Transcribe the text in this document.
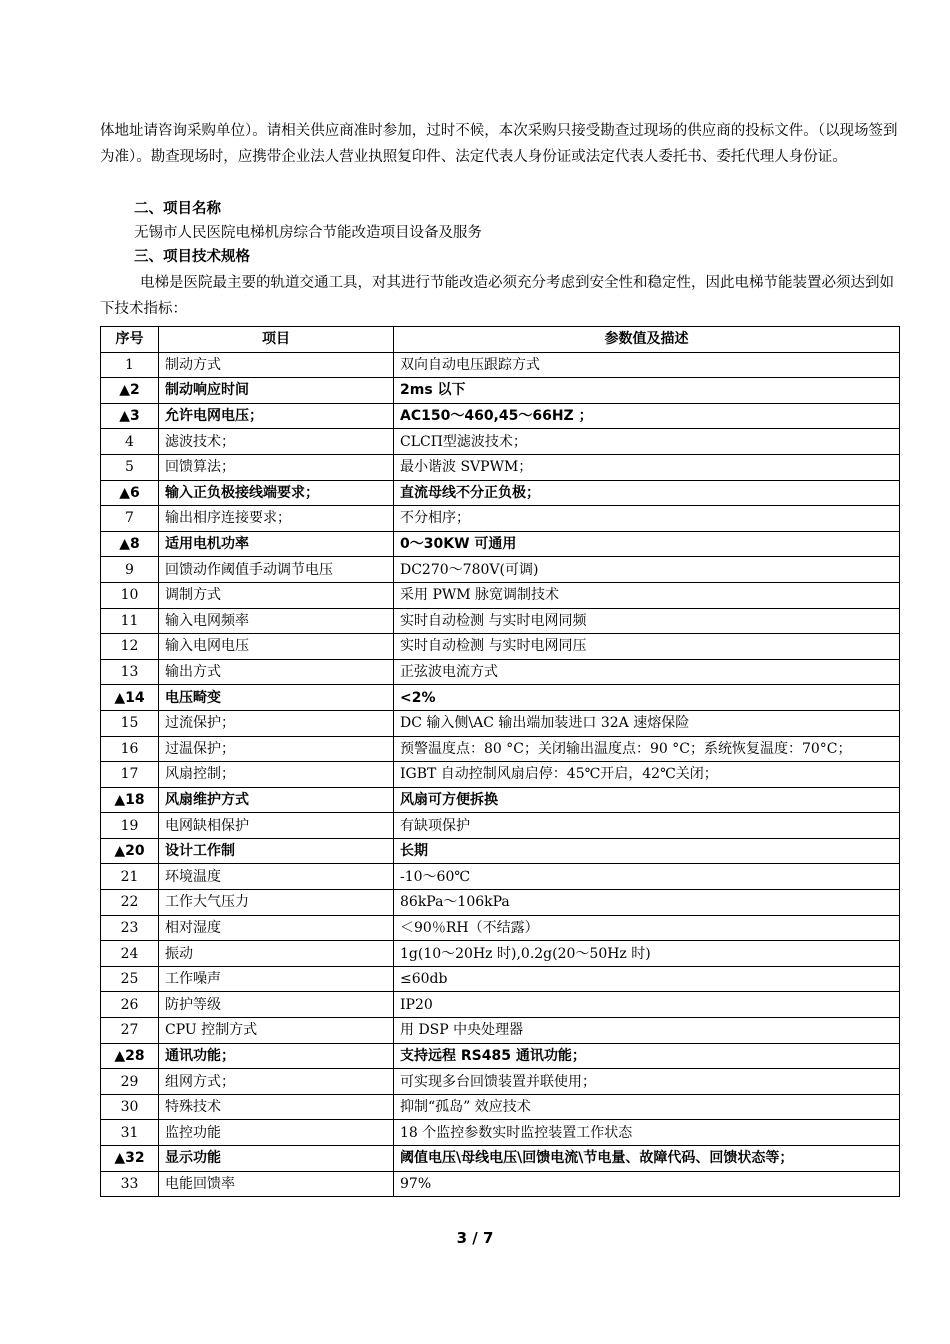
体地址请咨询采购单位）。请相关供应商准时参加，过时不候，本次采购只接受勘查过现场的供应商的投标文件。（以现场签到为准）。勘查现场时，应携带企业法人营业执照复印件、法定代表人身份证或法定代表人委托书、委托代理人身份证。
二、项目名称
无锡市人民医院电梯机房综合节能改造项目设备及服务
三、项目技术规格
电梯是医院最主要的轨道交通工具，对其进行节能改造必须充分考虑到安全性和稳定性，因此电梯节能装置必须达到如下技术指标：
序号	项目	参数值及描述
1	制动方式	双向自动电压跟踪方式
▲2	制动响应时间	2ms 以下
▲3	允许电网电压；	AC150～460,45～66HZ ；
4	滤波技术；	CLCΠ型滤波技术；
5	回馈算法；	最小谐波 SVPWM；
▲6	输入正负极接线端要求；	直流母线不分正负极；
7	输出相序连接要求；	不分相序；
▲8	适用电机功率	0～30KW 可通用
9	回馈动作阈值手动调节电压	DC270～780V(可调)
10	调制方式	采用 PWM 脉宽调制技术
11	输入电网频率	实时自动检测 与实时电网同频
12	输入电网电压	实时自动检测 与实时电网同压
13	输出方式	正弦波电流方式
▲14	电压畸变	<2%
15	过流保护；	DC 输入侧\AC 输出端加装进口 32A 速熔保险
16	过温保护；	预警温度点：80 °C；关闭输出温度点：90 °C；系统恢复温度：70°C；
17	风扇控制；	IGBT 自动控制风扇启停：45℃开启，42℃关闭；
▲18	风扇维护方式	风扇可方便拆换
19	电网缺相保护	有缺项保护
▲20	设计工作制	长期
21	环境温度	-10～60℃
22	工作大气压力	86kPa～106kPa
23	相对湿度	＜90％RH（不结露）
24	振动	1g(10～20Hz 时),0.2g(20～50Hz 时)
25	工作噪声	≤60db
26	防护等级	IP20
27	CPU 控制方式	用 DSP 中央处理器
▲28	通讯功能；	支持远程 RS485 通讯功能；
29	组网方式；	可实现多台回馈装置并联使用；
30	特殊技术	抑制“孤岛” 效应技术
31	监控功能	18 个监控参数实时监控装置工作状态
▲32	显示功能	阈值电压\母线电压\回馈电流\节电量、故障代码、回馈状态等；
33	电能回馈率	97%
3 / 7
